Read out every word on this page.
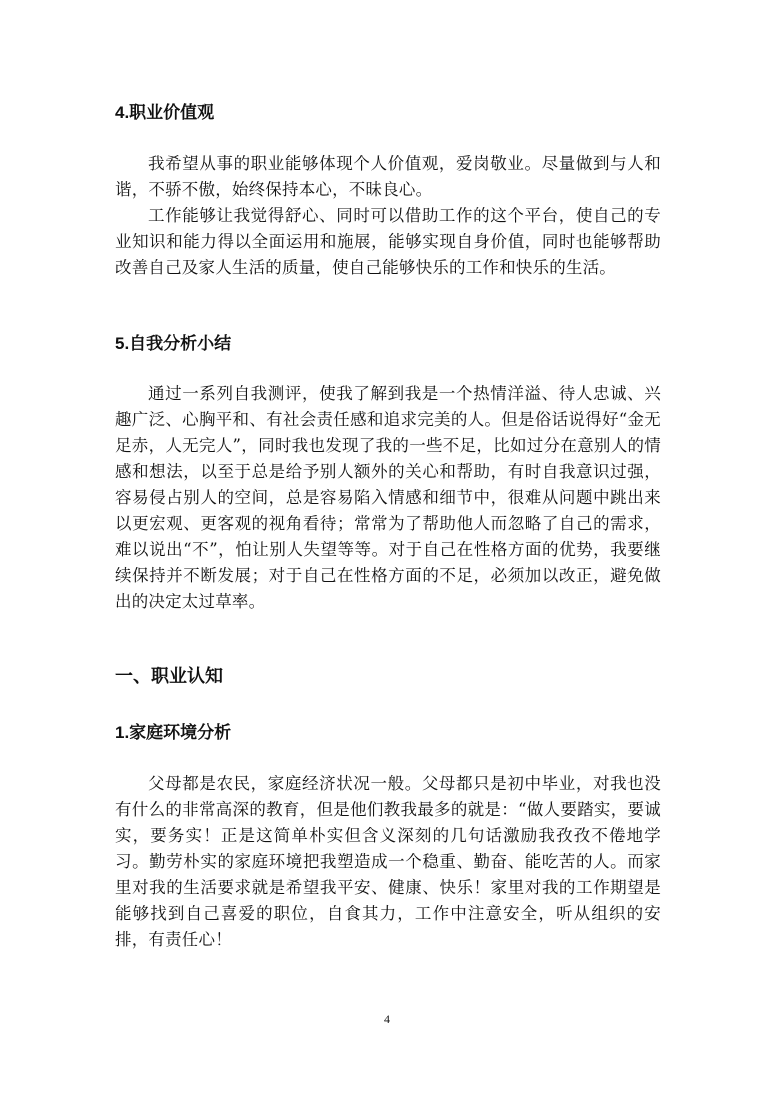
4.职业价值观

我希望从事的职业能够体现个人价值观，爱岗敬业。尽量做到与人和谐，不骄不傲，始终保持本心，不昧良心。

工作能够让我觉得舒心、同时可以借助工作的这个平台，使自己的专业知识和能力得以全面运用和施展，能够实现自身价值，同时也能够帮助改善自己及家人生活的质量，使自己能够快乐的工作和快乐的生活。

5.自我分析小结

通过一系列自我测评，使我了解到我是一个热情洋溢、待人忠诚、兴趣广泛、心胸平和、有社会责任感和追求完美的人。但是俗话说得好“金无足赤，人无完人”，同时我也发现了我的一些不足，比如过分在意别人的情感和想法，以至于总是给予别人额外的关心和帮助，有时自我意识过强，容易侵占别人的空间，总是容易陷入情感和细节中，很难从问题中跳出来以更宏观、更客观的视角看待；常常为了帮助他人而忽略了自己的需求，难以说出“不”，怕让别人失望等等。对于自己在性格方面的优势，我要继续保持并不断发展；对于自己在性格方面的不足，必须加以改正，避免做出的决定太过草率。

一、职业认知
1.家庭环境分析

父母都是农民，家庭经济状况一般。父母都只是初中毕业，对我也没有什么的非常高深的教育，但是他们教我最多的就是：“做人要踏实，要诚实，要务实！正是这简单朴实但含义深刻的几句话激励我孜孜不倦地学习。勤劳朴实的家庭环境把我塑造成一个稳重、勤奋、能吃苦的人。而家里对我的生活要求就是希望我平安、健康、快乐！家里对我的工作期望是能够找到自己喜爱的职位，自食其力，工作中注意安全，听从组织的安排，有责任心！

4
